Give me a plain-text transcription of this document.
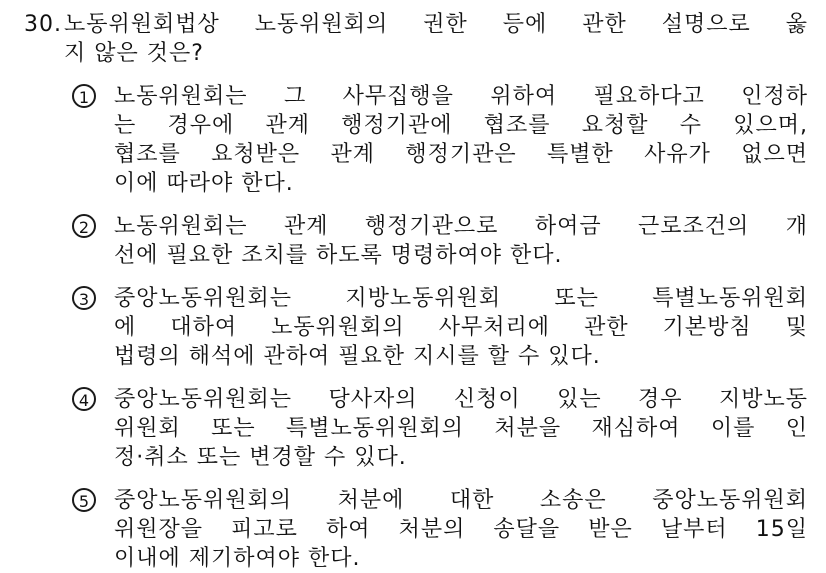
30. 노동위원회법상 노동위원회의 권한 등에 관한 설명으로 옳
지 않은 것은?
1	노동위원회는 그 사무집행을 위하여 필요하다고 인정하
는 경우에 관계 행정기관에 협조를 요청할 수 있으며,
협조를 요청받은 관계 행정기관은 특별한 사유가 없으면
이에 따라야 한다.
2	노동위원회는 관계 행정기관으로 하여금 근로조건의 개
선에 필요한 조치를 하도록 명령하여야 한다.
3	중앙노동위원회는 지방노동위원회 또는 특별노동위원회
에 대하여 노동위원회의 사무처리에 관한 기본방침 및
법령의 해석에 관하여 필요한 지시를 할 수 있다.
4	중앙노동위원회는 당사자의 신청이 있는 경우 지방노동
위원회 또는 특별노동위원회의 처분을 재심하여 이를 인
정·취소 또는 변경할 수 있다.
5	중앙노동위원회의 처분에 대한 소송은 중앙노동위원회
위원장을 피고로 하여 처분의 송달을 받은 날부터 15일
이내에 제기하여야 한다.
